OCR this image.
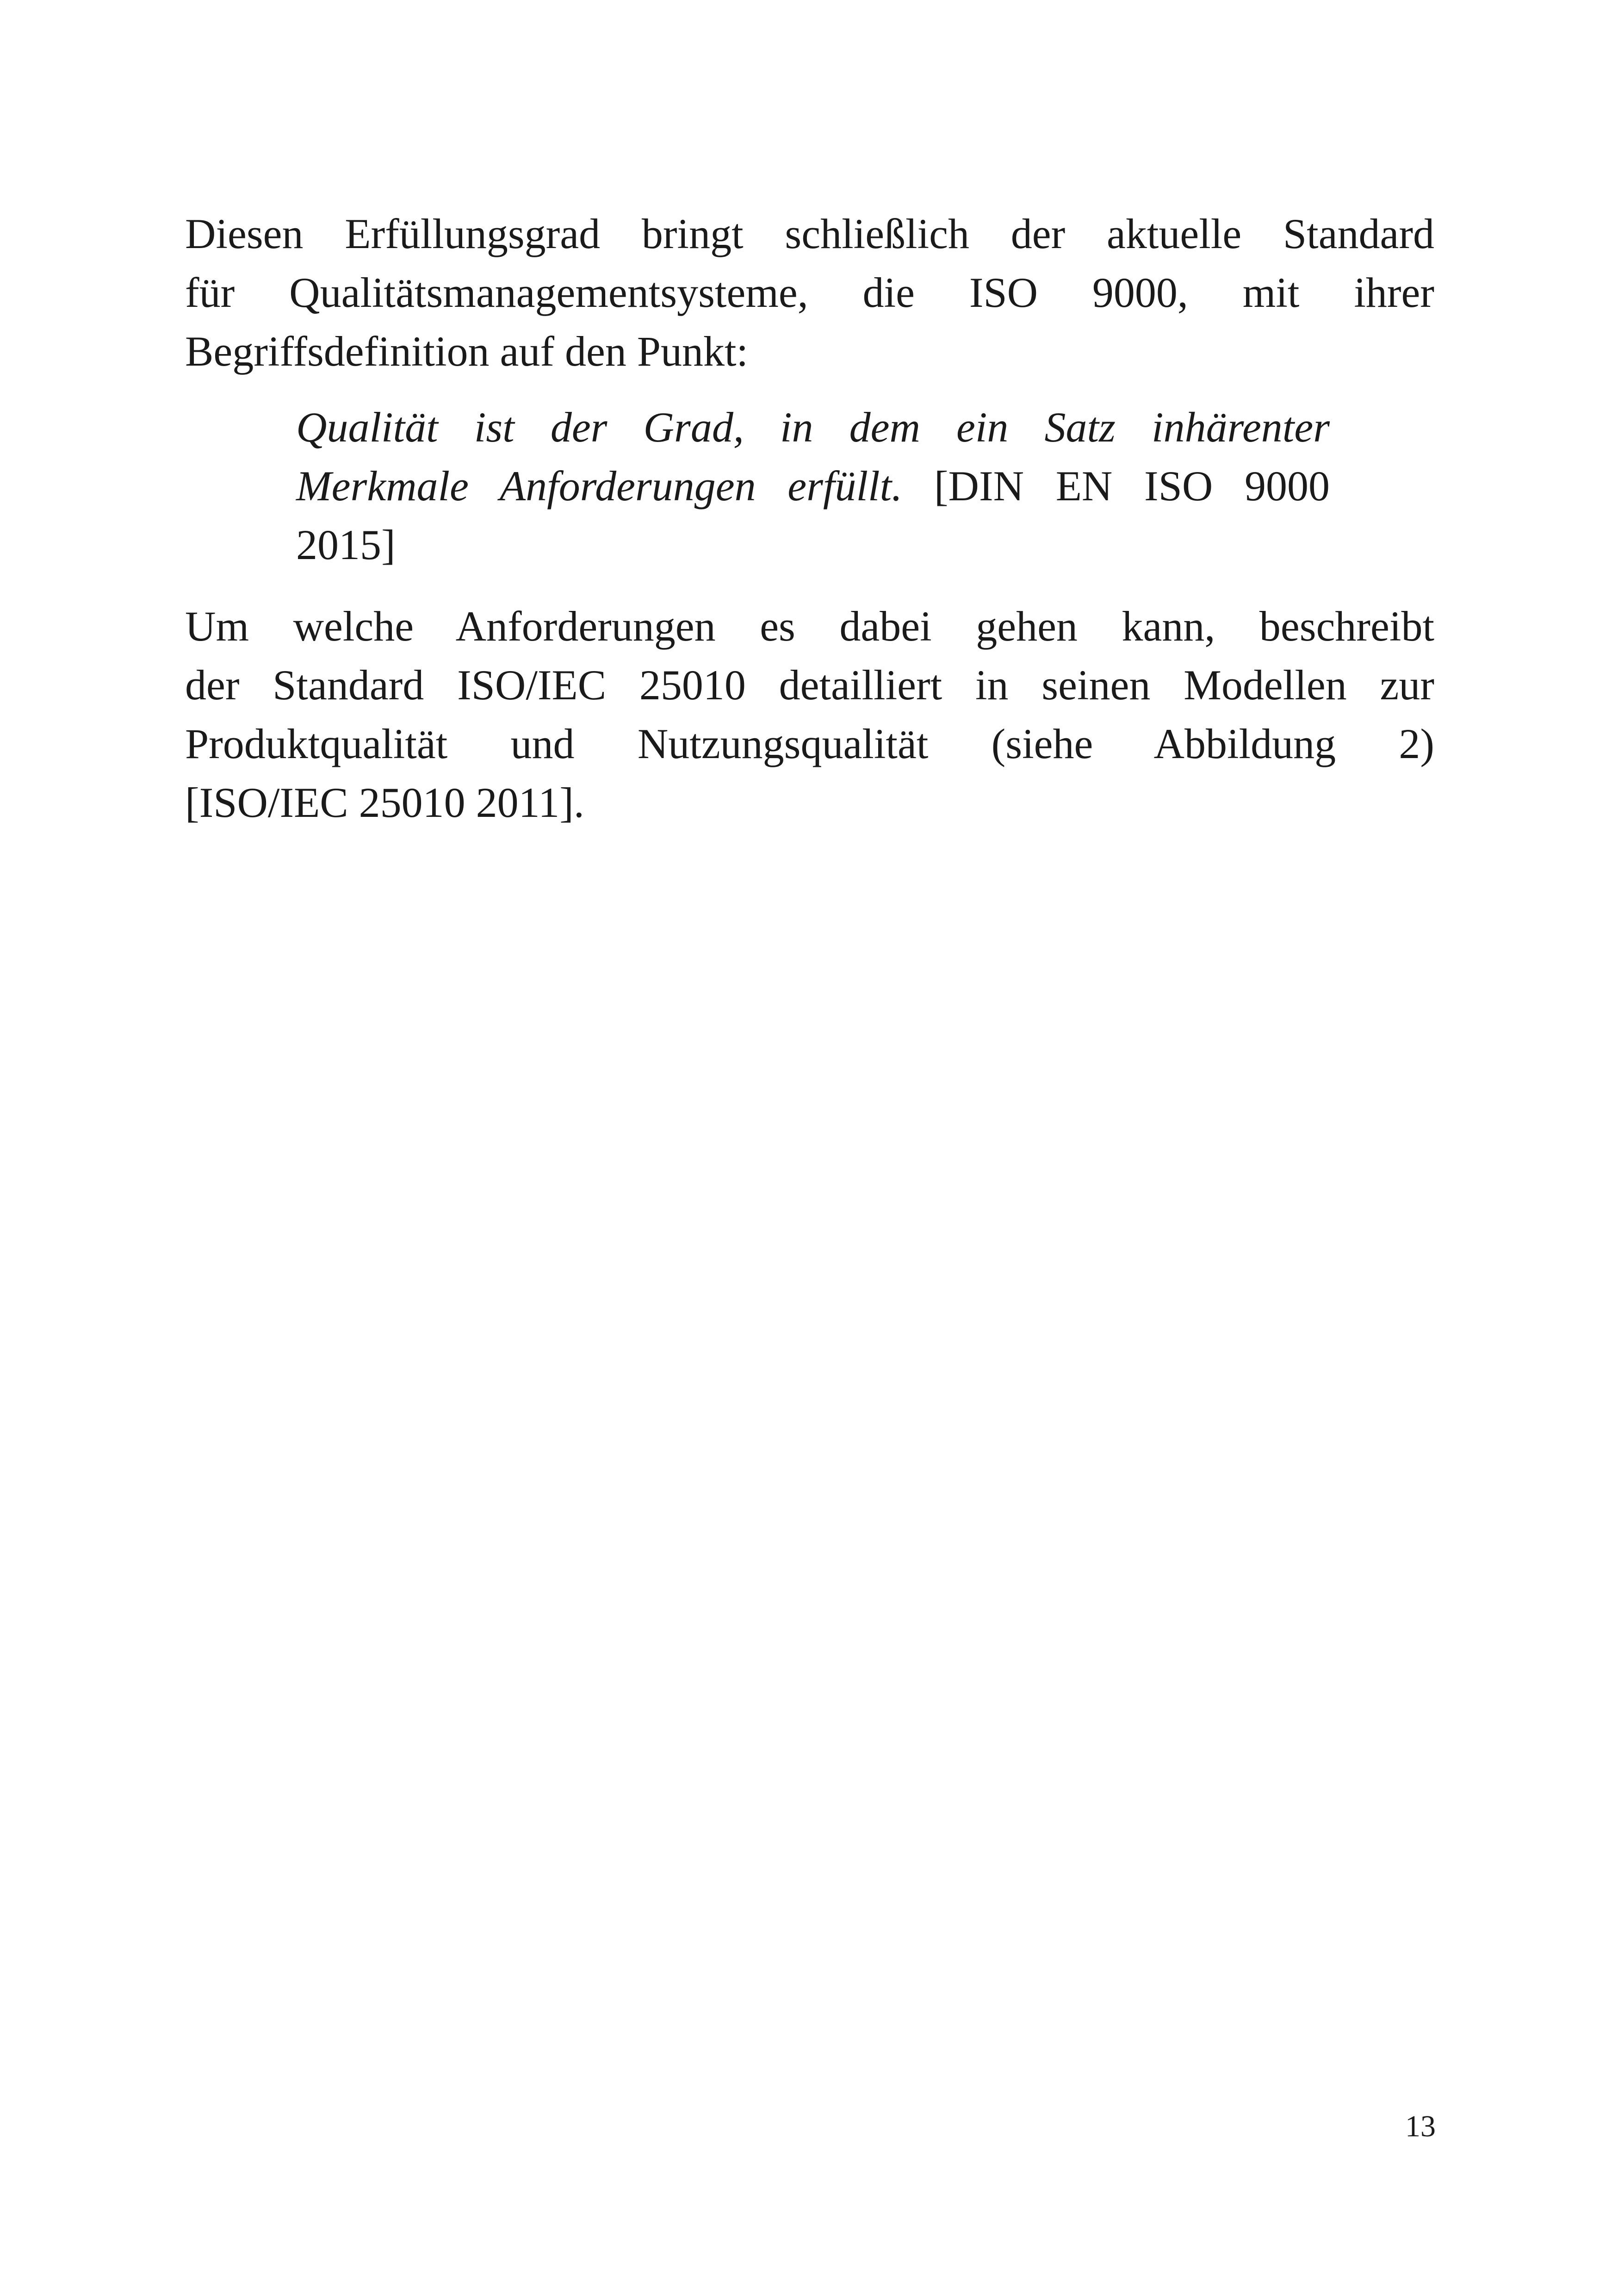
Diesen Erfüllungsgrad bringt schließlich der aktuelle Standard
für Qualitätsmanagementsysteme, die ISO 9000, mit ihrer
Begriffsdefinition auf den Punkt:
Qualität ist der Grad, in dem ein Satz inhärenter
Merkmale Anforderungen erfüllt. [DIN EN ISO 9000
2015]
Um welche Anforderungen es dabei gehen kann, beschreibt
der Standard ISO/IEC 25010 detailliert in seinen Modellen zur
Produktqualität und Nutzungsqualität (siehe Abbildung 2)
[ISO/IEC 25010 2011].
13
